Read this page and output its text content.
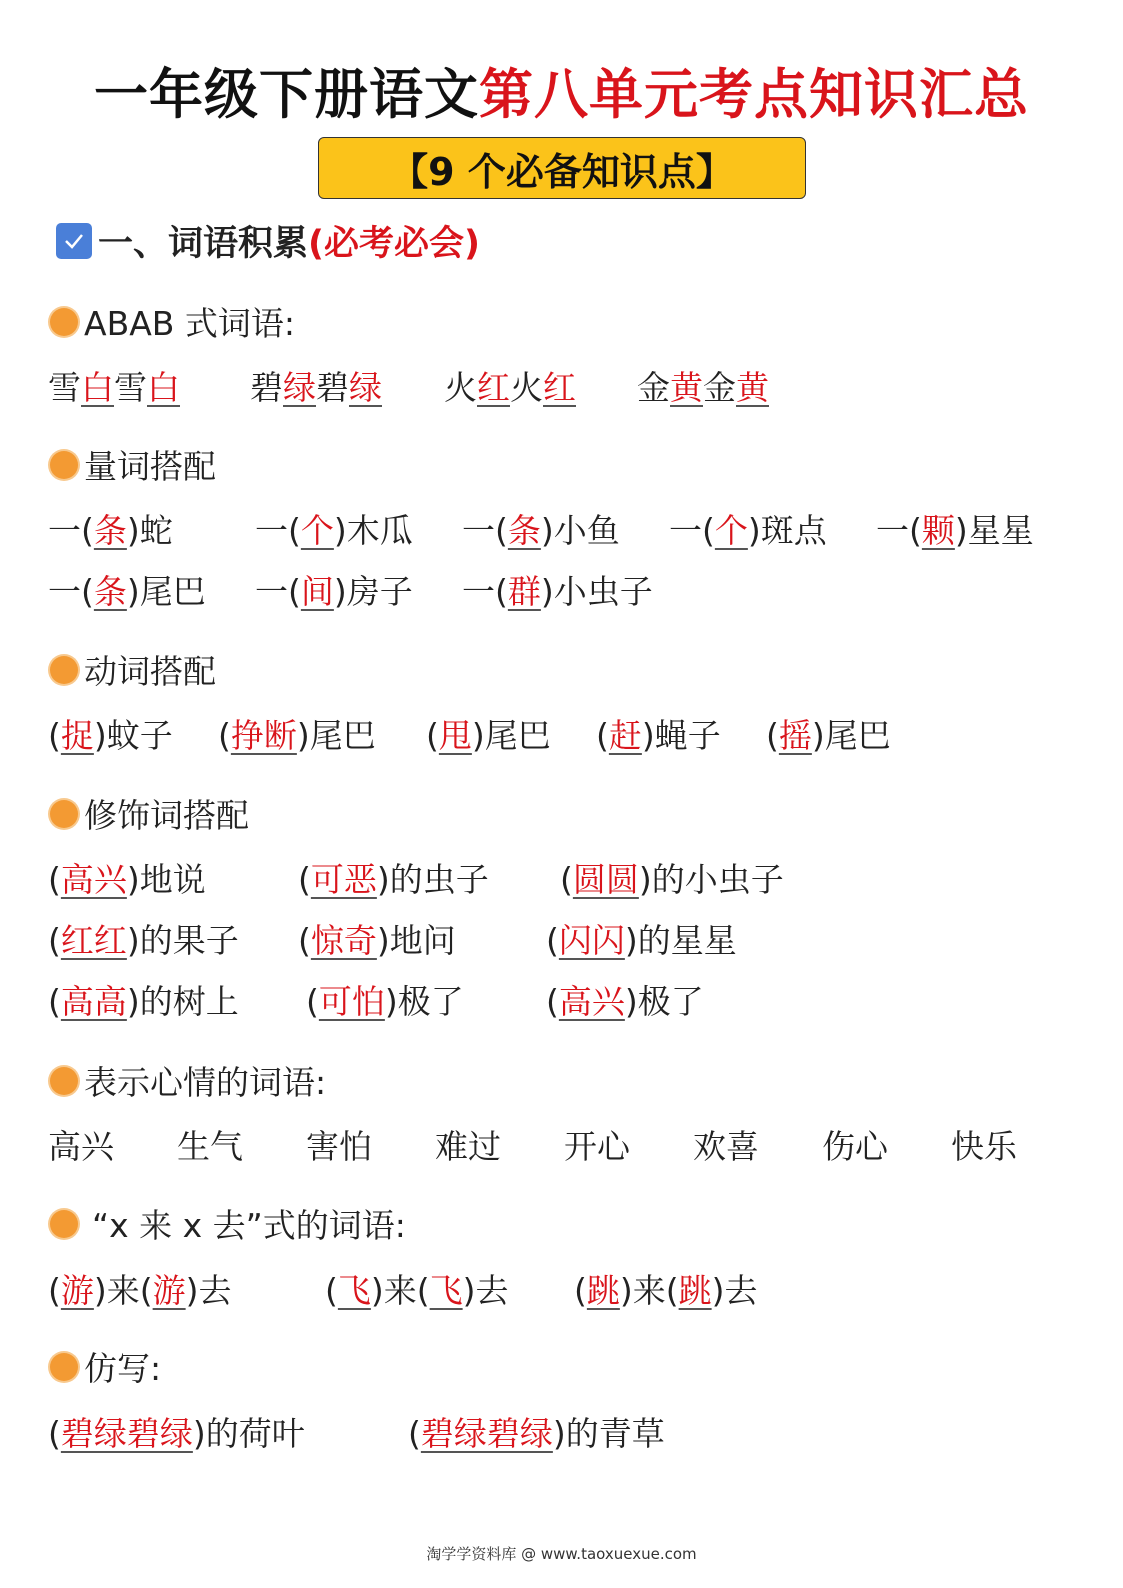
一年级下册语文第八单元考点知识汇总
【9 个必备知识点】
一、词语积累 (必考必会)
ABAB 式词语:
雪白雪白 碧绿碧绿 火红火红 金黄金黄
量词搭配
一(条)蛇 一(个)木瓜 一(条)小鱼 一(个)斑点 一(颗)星星
一(条)尾巴 一(间)房子 一(群)小虫子
动词搭配
(捉)蚊子 (挣断)尾巴 (甩)尾巴 (赶)蝇子 (摇)尾巴
修饰词搭配
(高兴)地说	(可恶)的虫子 (圆圆)的小虫子
(红红)的果子 (惊奇)地问	(闪闪)的星星
(高高)的树上 (可怕)极了 (高兴)极了
表示心情的词语:
高兴 生气 害怕 难过 开心 欢喜 伤心 快乐
“x 来 x 去”式的词语:
(游)来(游)去	(飞)来(飞)去 (跳)来(跳)去
仿写:
(碧绿碧绿)的荷叶	(碧绿碧绿)的青草
淘学学资料库 @ www.taoxuexue.com
